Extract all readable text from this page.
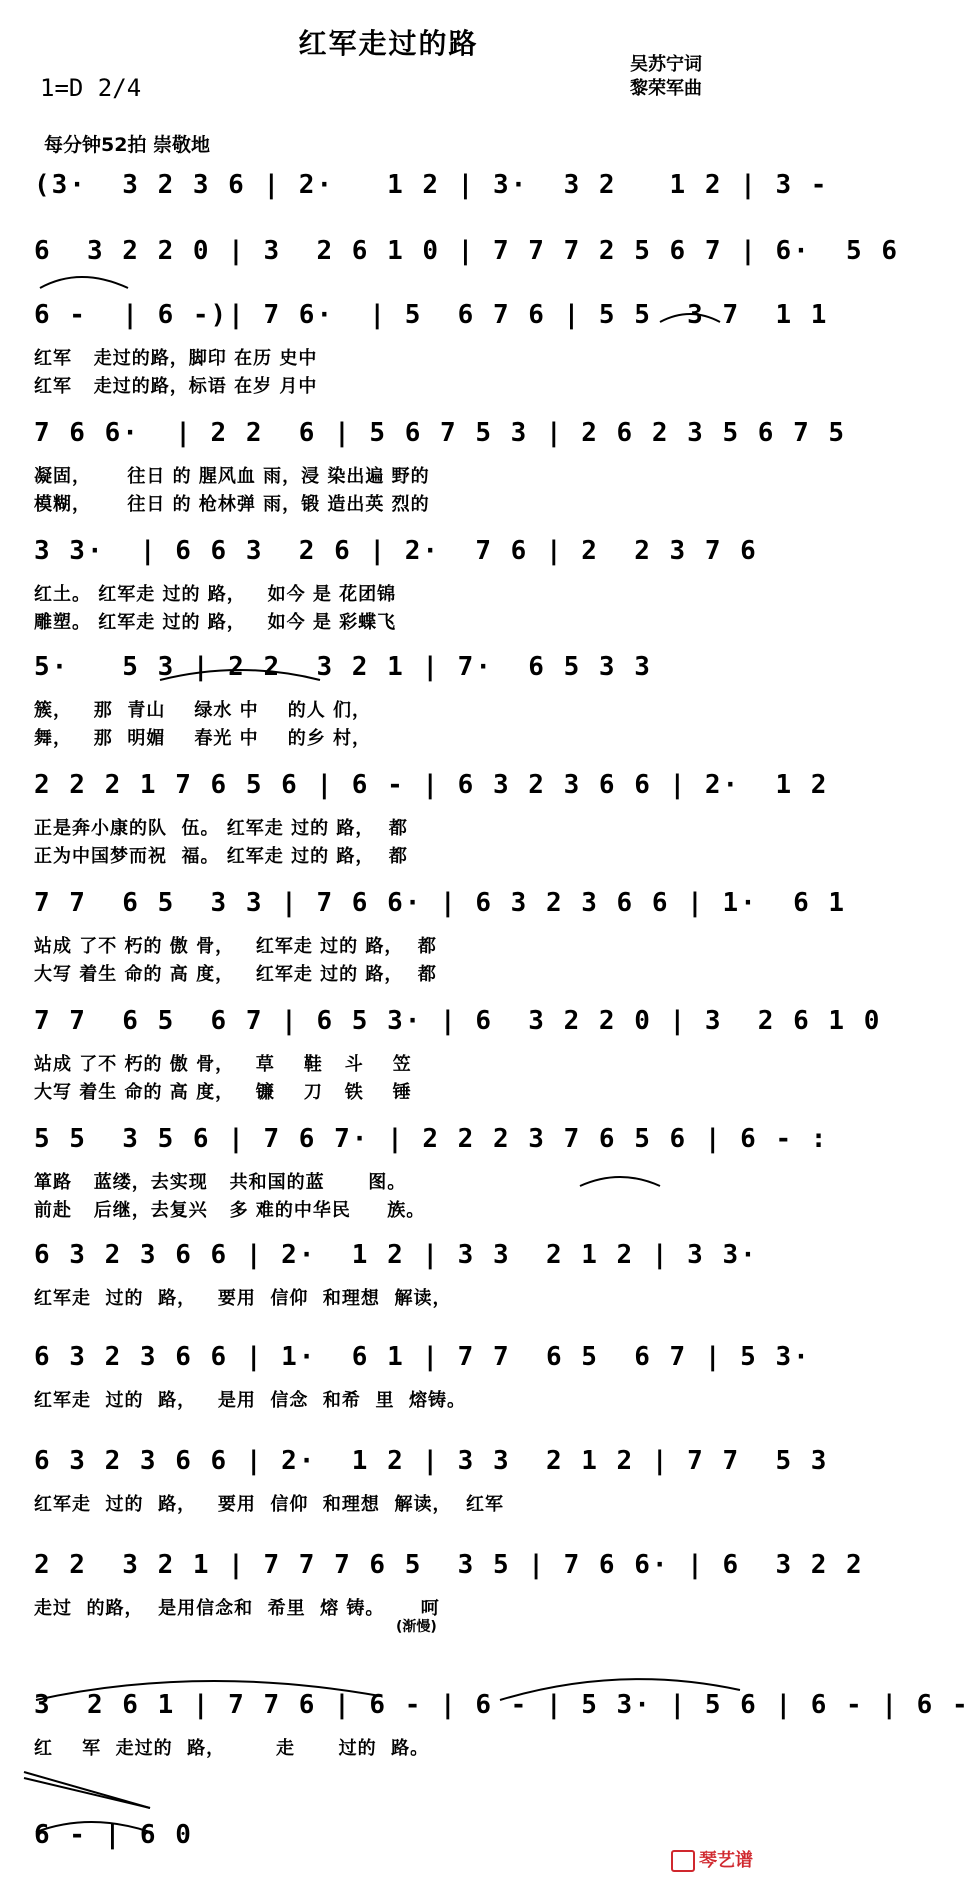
红军走过的路
1=D 2/4
吴苏宁词
黎荣军曲
每分钟52拍 崇敬地
(3·  3 2 3 6 | 2·   1 2 | 3·  3 2   1 2 | 3 -
6  3 2 2 0 | 3  2 6 1 0 | 7 7 7 2 5 6 7 | 6·  5 6
6 -  | 6 -)| 7 6·  | 5  6 7 6 | 5 5  3 7  1 1
红军   走过的路，脚印 在历 史中
红军   走过的路，标语 在岁 月中
7 6 6·  | 2 2  6 | 5 6 7 5 3 | 2 6 2 3 5 6 7 5
凝固，     往日 的 腥风血 雨，浸 染出遍 野的
模糊，     往日 的 枪林弹 雨，锻 造出英 烈的
3 3·  | 6 6 3  2 6 | 2·  7 6 | 2  2 3 7 6
红土。 红军走 过的 路，   如今 是 花团锦
雕塑。 红军走 过的 路，   如今 是 彩蝶飞
5·   5 3 | 2 2  3 2 1 | 7·  6 5 3 3
簇，   那  青山    绿水 中    的人 们，
舞，   那  明媚    春光 中    的乡 村，
2 2 2 1 7 6 5 6 | 6 - | 6 3 2 3 6 6 | 2·  1 2
正是奔小康的队  伍。 红军走 过的 路，  都
正为中国梦而祝  福。 红军走 过的 路，  都
7 7  6 5  3 3 | 7 6 6· | 6 3 2 3 6 6 | 1·  6 1
站成 了不 朽的 傲 骨，   红军走 过的 路，  都
大写 着生 命的 高 度，   红军走 过的 路，  都
7 7  6 5  6 7 | 6 5 3· | 6  3 2 2 0 | 3  2 6 1 0
站成 了不 朽的 傲 骨，   草    鞋   斗    笠
大写 着生 命的 高 度，   镰    刀   铁    锤
5 5  3 5 6 | 7 6 7· | 2 2 2 3 7 6 5 6 | 6 - :
箪路   蓝缕，去实现   共和国的蓝      图。
前赴   后继，去复兴   多 难的中华民     族。
6 3 2 3 6 6 | 2·  1 2 | 3 3  2 1 2 | 3 3·
红军走  过的  路，   要用  信仰  和理想  解读，
6 3 2 3 6 6 | 1·  6 1 | 7 7  6 5  6 7 | 5 3·
红军走  过的  路，   是用  信念  和希  里  熔铸。
6 3 2 3 6 6 | 2·  1 2 | 3 3  2 1 2 | 7 7  5 3
红军走  过的  路，   要用  信仰  和理想  解读，  红军
2 2  3 2 1 | 7 7 7 6 5  3 5 | 7 6 6· | 6  3 2 2
走过  的路，  是用信念和  希里  熔 铸。     呵
3  2 6 1 | 7 7 6 | 6 - | 6 - | 5 3· | 5 6 | 6 - | 6 -
红    军  走过的  路，       走      过的  路。
6 - | 6 0
(渐慢)
琴艺谱
